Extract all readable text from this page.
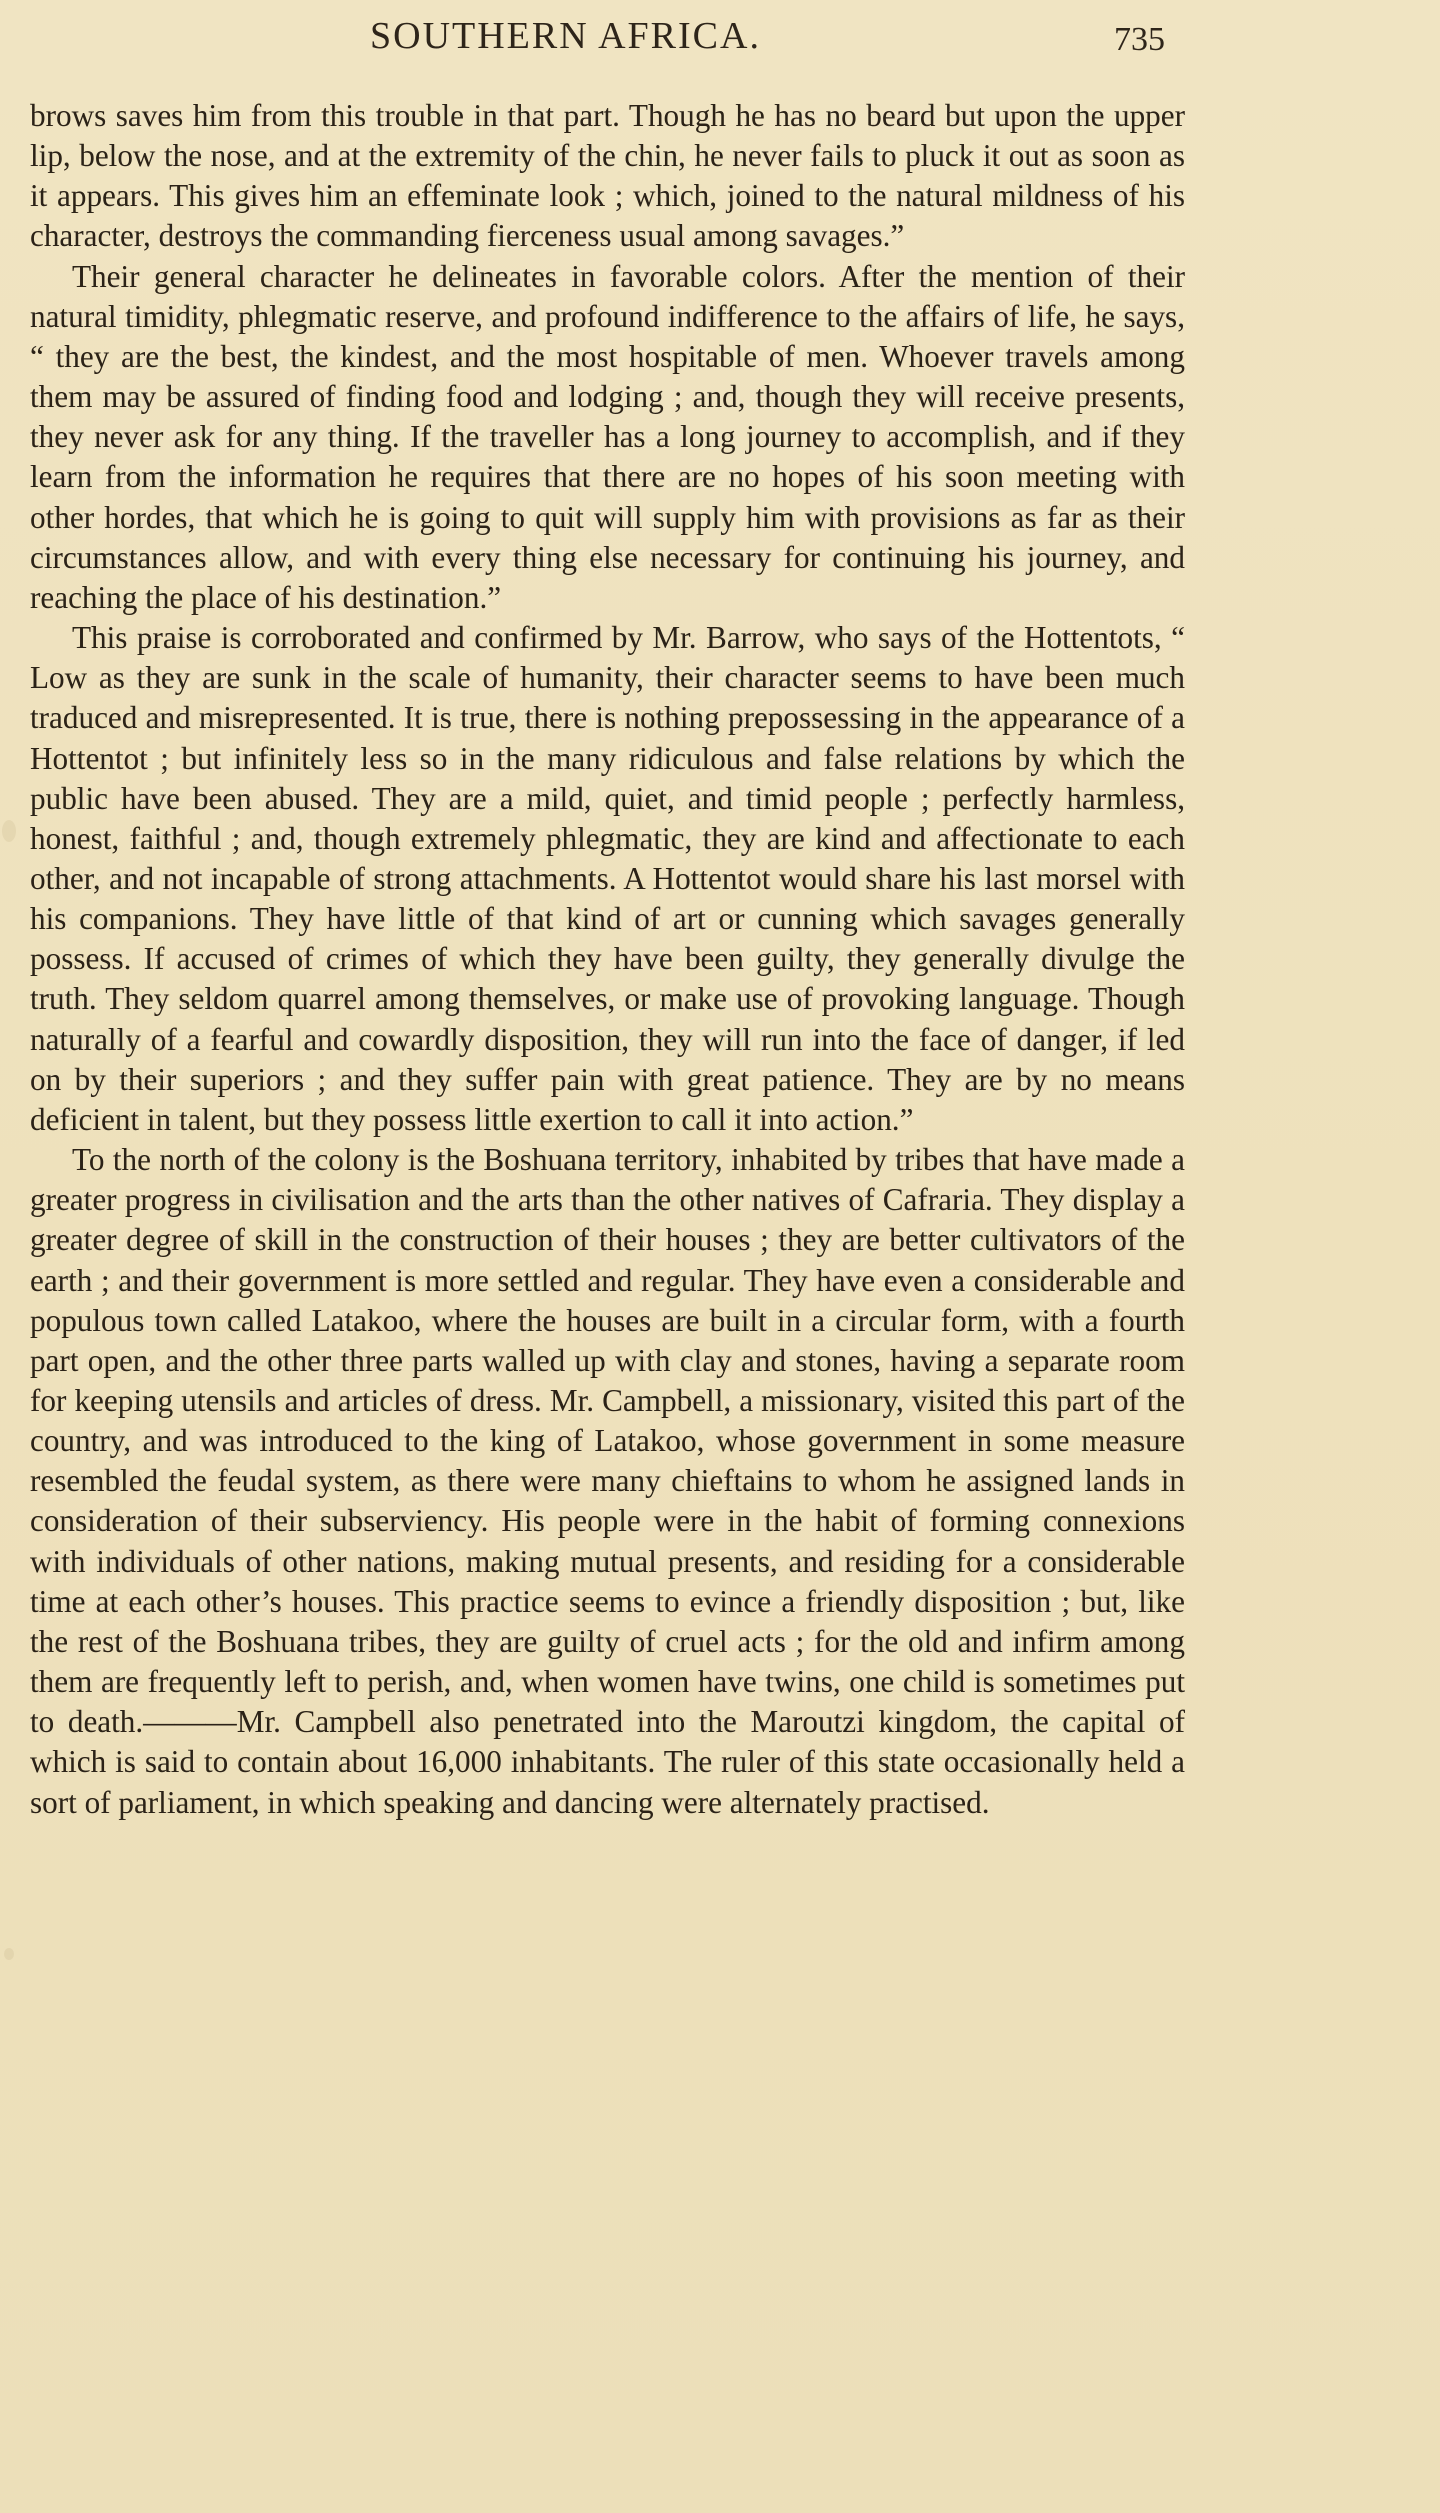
SOUTHERN AFRICA.	735

brows saves him from this trouble in that part. Though he has no beard but upon the upper lip, below the nose, and at the extremity of the chin, he never fails to pluck it out as soon as it appears. This gives him an effeminate look ; which, joined to the natural mildness of his character, destroys the commanding fierceness usual among savages.”

Their general character he delineates in favorable colors. After the mention of their natural timidity, phlegmatic reserve, and profound indifference to the affairs of life, he says, “ they are the best, the kindest, and the most hospitable of men. Whoever travels among them may be assured of finding food and lodging ; and, though they will receive presents, they never ask for any thing. If the traveller has a long journey to accomplish, and if they learn from the information he requires that there are no hopes of his soon meeting with other hordes, that which he is going to quit will supply him with provisions as far as their circumstances allow, and with every thing else necessary for continuing his journey, and reaching the place of his destination.”

This praise is corroborated and confirmed by Mr. Barrow, who says of the Hottentots, “ Low as they are sunk in the scale of humanity, their character seems to have been much traduced and misrepresented. It is true, there is nothing prepossessing in the appearance of a Hottentot ; but infinitely less so in the many ridiculous and false relations by which the public have been abused. They are a mild, quiet, and timid people ; perfectly harmless, honest, faithful ; and, though extremely phlegmatic, they are kind and affectionate to each other, and not incapable of strong attachments. A Hottentot would share his last morsel with his companions. They have little of that kind of art or cunning which savages generally possess. If accused of crimes of which they have been guilty, they generally divulge the truth. They seldom quarrel among themselves, or make use of provoking language. Though naturally of a fearful and cowardly disposition, they will run into the face of danger, if led on by their superiors ; and they suffer pain with great patience. They are by no means deficient in talent, but they possess little exertion to call it into action.”

To the north of the colony is the Boshuana territory, inhabited by tribes that have made a greater progress in civilisation and the arts than the other natives of Cafraria. They display a greater degree of skill in the construction of their houses ; they are better cultivators of the earth ; and their government is more settled and regular. They have even a considerable and populous town called Latakoo, where the houses are built in a circular form, with a fourth part open, and the other three parts walled up with clay and stones, having a separate room for keeping utensils and articles of dress. Mr. Campbell, a missionary, visited this part of the country, and was introduced to the king of Latakoo, whose government in some measure resembled the feudal system, as there were many chieftains to whom he assigned lands in consideration of their subserviency. His people were in the habit of forming connexions with individuals of other nations, making mutual presents, and residing for a considerable time at each other’s houses. This practice seems to evince a friendly disposition ; but, like the rest of the Boshuana tribes, they are guilty of cruel acts ; for the old and infirm among them are frequently left to perish, and, when women have twins, one child is sometimes put to death.———Mr. Campbell also penetrated into the Maroutzi kingdom, the capital of which is said to contain about 16,000 inhabitants. The ruler of this state occasionally held a sort of parliament, in which speaking and dancing were alternately practised.
